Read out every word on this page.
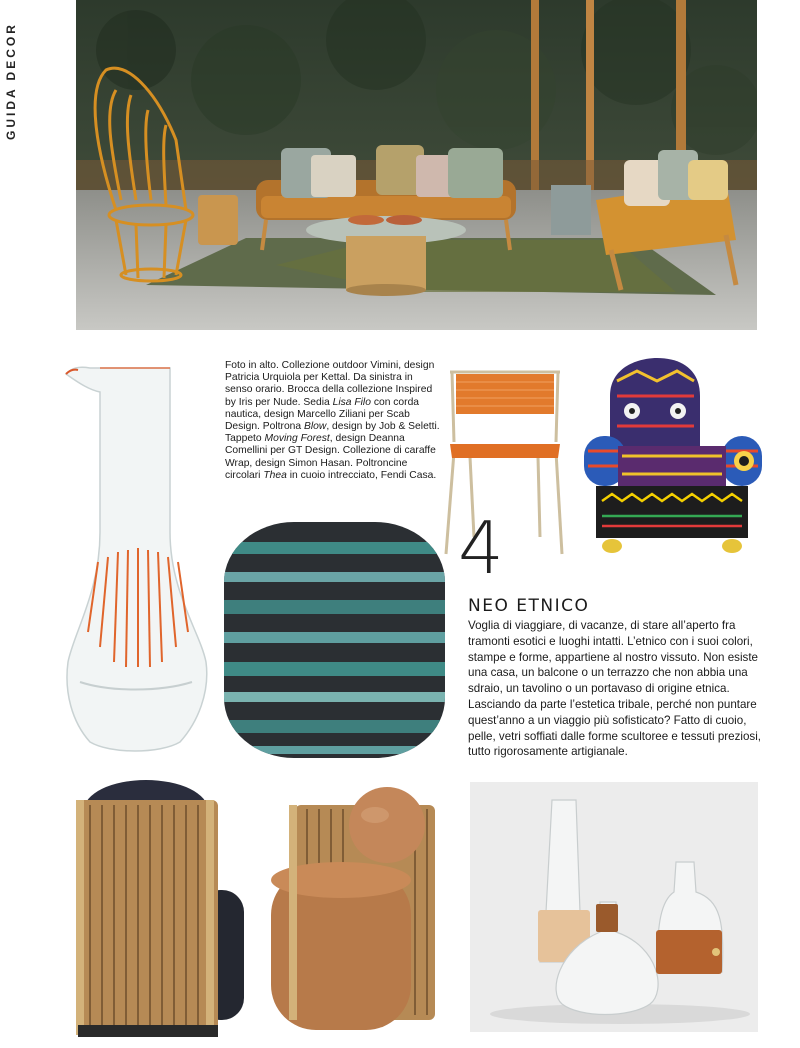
GUIDA DECOR

Foto in alto. Collezione outdoor Vimini, design Patricia Urquiola per Kettal. Da sinistra in senso orario. Brocca della collezione Inspired by Iris per Nude. Sedia Lisa Filo con corda nautica, design Marcello Ziliani per Scab Design. Poltrona Blow, design by Job & Seletti. Tappeto Moving Forest, design Deanna Comellini per GT Design. Collezione di caraffe Wrap, design Simon Hasan. Poltroncine circolari Thea in cuoio intrecciato, Fendi Casa.

4
NEO ETNICO
Voglia di viaggiare, di vacanze, di stare all’aperto fra tramonti esotici e luoghi intatti. L’etnico con i suoi colori, stampe e forme, appartiene al nostro vissuto. Non esiste una casa, un balcone o un terrazzo che non abbia una sdraio, un tavolino o un portavaso di origine etnica. Lasciando da parte l’estetica tribale, perché non puntare quest’anno a un viaggio più sofisticato? Fatto di cuoio, pelle, vetri soffiati dalle forme scultoree e tessuti preziosi, tutto rigorosamente artigianale.
